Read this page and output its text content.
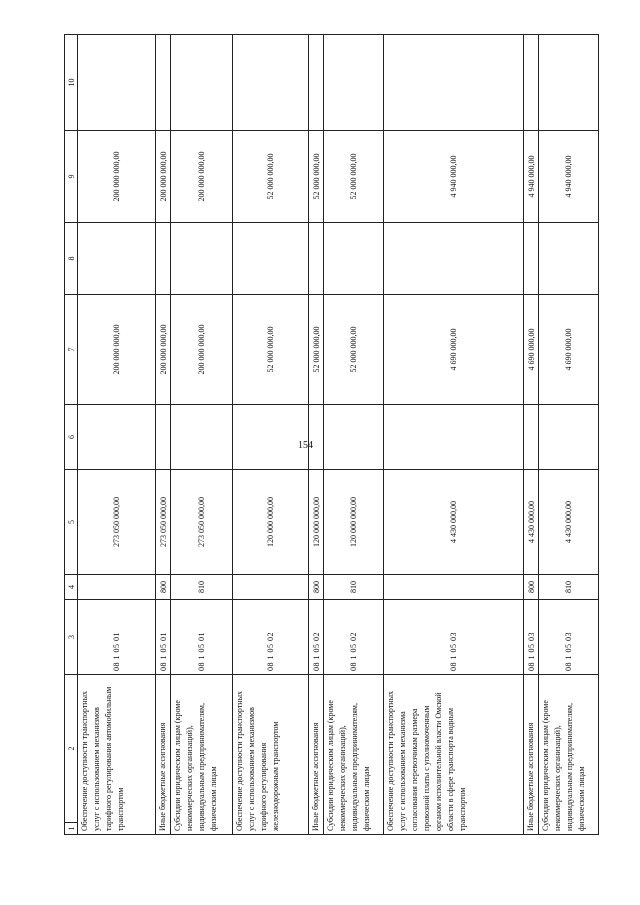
154
1	2	3	4	5	6	7	8	9	10
Обеспечение доступности транспортных услуг с использованием механизмов тарифного регулирования автомобильным транспортом		08 1 05 01		273 050 000,00		200 000 000,00		200 000 000,00	
Иные бюджетные ассигнования		08 1 05 01	800	273 050 000,00		200 000 000,00		200 000 000,00	
Субсидии юридическим лицам (кроме некоммерческих организаций), индивидуальным предпринимателям, физическим лицам		08 1 05 01	810	273 050 000,00		200 000 000,00		200 000 000,00	
Обеспечение доступности транспортных услуг с использованием механизмов тарифного регулирования железнодорожным транспортом		08 1 05 02		120 000 000,00		52 000 000,00		52 000 000,00	
Иные бюджетные ассигнования		08 1 05 02	800	120 000 000,00		52 000 000,00		52 000 000,00	
Субсидии юридическим лицам (кроме некоммерческих организаций), индивидуальным предпринимателям, физическим лицам		08 1 05 02	810	120 000 000,00		52 000 000,00		52 000 000,00	
Обеспечение доступности транспортных услуг с использованием механизма согласования перевозчикам размера провозной платы с уполномоченным органом исполнительной власти Омской области в сфере транспорта водным транспортом		08 1 05 03		4 430 000,00		4 690 000,00		4 940 000,00	
Иные бюджетные ассигнования		08 1 05 03	800	4 430 000,00		4 690 000,00		4 940 000,00	
Субсидии юридическим лицам (кроме некоммерческих организаций), индивидуальным предпринимателям, физическим лицам		08 1 05 03	810	4 430 000,00		4 690 000,00		4 940 000,00	
